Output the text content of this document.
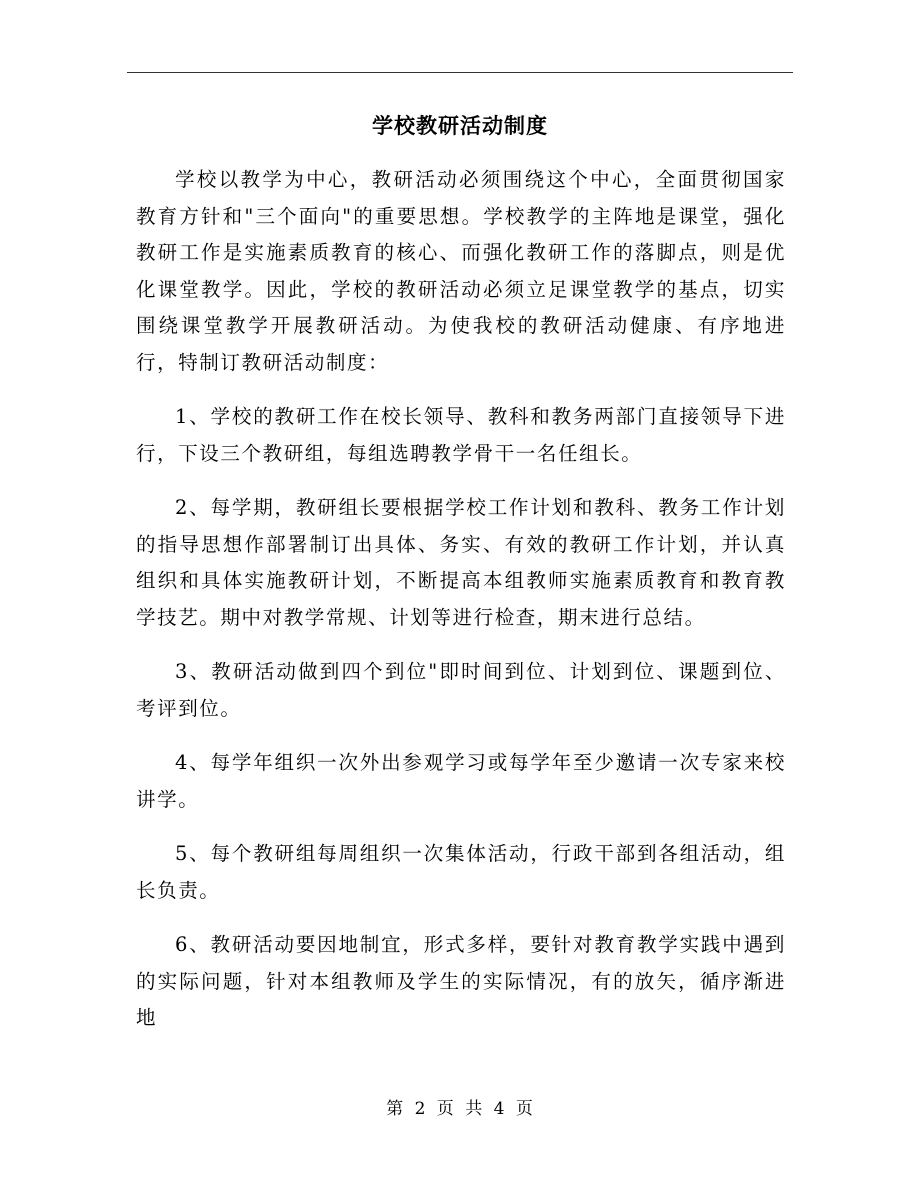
学校教研活动制度

学校以教学为中心，教研活动必须围绕这个中心，全面贯彻国家教育方针和"三个面向"的重要思想。学校教学的主阵地是课堂，强化教研工作是实施素质教育的核心、而强化教研工作的落脚点，则是优化课堂教学。因此，学校的教研活动必须立足课堂教学的基点，切实围绕课堂教学开展教研活动。为使我校的教研活动健康、有序地进行，特制订教研活动制度：

1、学校的教研工作在校长领导、教科和教务两部门直接领导下进行，下设三个教研组，每组选聘教学骨干一名任组长。

2、每学期，教研组长要根据学校工作计划和教科、教务工作计划的指导思想作部署制订出具体、务实、有效的教研工作计划，并认真组织和具体实施教研计划，不断提高本组教师实施素质教育和教育教学技艺。期中对教学常规、计划等进行检查，期末进行总结。

3、教研活动做到四个到位"即时间到位、计划到位、课题到位、考评到位。

4、每学年组织一次外出参观学习或每学年至少邀请一次专家来校讲学。

5、每个教研组每周组织一次集体活动，行政干部到各组活动，组长负责。

6、教研活动要因地制宜，形式多样，要针对教育教学实践中遇到的实际问题，针对本组教师及学生的实际情况，有的放矢，循序渐进地

第 2 页 共 4 页
